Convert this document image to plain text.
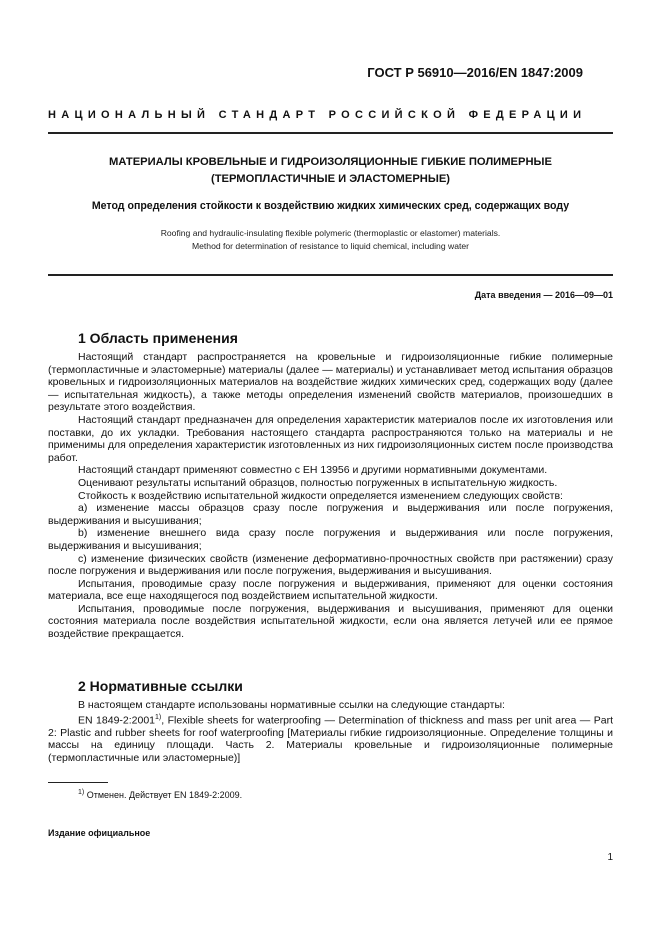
ГОСТ Р 56910—2016/EN 1847:2009
НАЦИОНАЛЬНЫЙ СТАНДАРТ РОССИЙСКОЙ ФЕДЕРАЦИИ
МАТЕРИАЛЫ КРОВЕЛЬНЫЕ И ГИДРОИЗОЛЯЦИОННЫЕ ГИБКИЕ ПОЛИМЕРНЫЕ
(ТЕРМОПЛАСТИЧНЫЕ И ЭЛАСТОМЕРНЫЕ)
Метод определения стойкости к воздействию жидких химических сред, содержащих воду
Roofing and hydraulic-insulating flexible polymeric (thermoplastic or elastomer) materials.
Method for determination of resistance to liquid chemical, including water
Дата введения — 2016—09—01
1 Область применения

Настоящий стандарт распространяется на кровельные и гидроизоляционные гибкие полимерные (термопластичные и эластомерные) материалы (далее — материалы) и устанавливает метод испытания образцов кровельных и гидроизоляционных материалов на воздействие жидких химических сред, содержащих воду (далее — испытательная жидкость), а также методы определения изменений свойств материалов, произошедших в результате этого воздействия.

Настоящий стандарт предназначен для определения характеристик материалов после их изготовления или поставки, до их укладки. Требования настоящего стандарта распространяются только на материалы и не применимы для определения характеристик изготовленных из них гидроизоляционных систем после производства работ.

Настоящий стандарт применяют совместно с ЕН 13956 и другими нормативными документами.

Оценивают результаты испытаний образцов, полностью погруженных в испытательную жидкость.

Стойкость к воздействию испытательной жидкости определяется изменением следующих свойств:

а) изменение массы образцов сразу после погружения и выдерживания или после погружения, выдерживания и высушивания;

b) изменение внешнего вида сразу после погружения и выдерживания или после погружения, выдерживания и высушивания;

c) изменение физических свойств (изменение деформативно-прочностных свойств при растяжении) сразу после погружения и выдерживания или после погружения, выдерживания и высушивания.

Испытания, проводимые сразу после погружения и выдерживания, применяют для оценки состояния материала, все еще находящегося под воздействием испытательной жидкости.

Испытания, проводимые после погружения, выдерживания и высушивания, применяют для оценки состояния материала после воздействия испытательной жидкости, если она является летучей или ее прямое воздействие прекращается.

2 Нормативные ссылки

В настоящем стандарте использованы нормативные ссылки на следующие стандарты:

EN 1849-2:2001$^{1)}$, Flexible sheets for waterproofing — Determination of thickness and mass per unit area — Part 2: Plastic and rubber sheets for roof waterproofing [Материалы гибкие гидроизоляционные. Определение толщины и массы на единицу площади. Часть 2. Материалы кровельные и гидроизоляционные полимерные (термопластичные или эластомерные)]

$^{1)}$ Отменен. Действует EN 1849-2:2009.
Издание официальное
1
